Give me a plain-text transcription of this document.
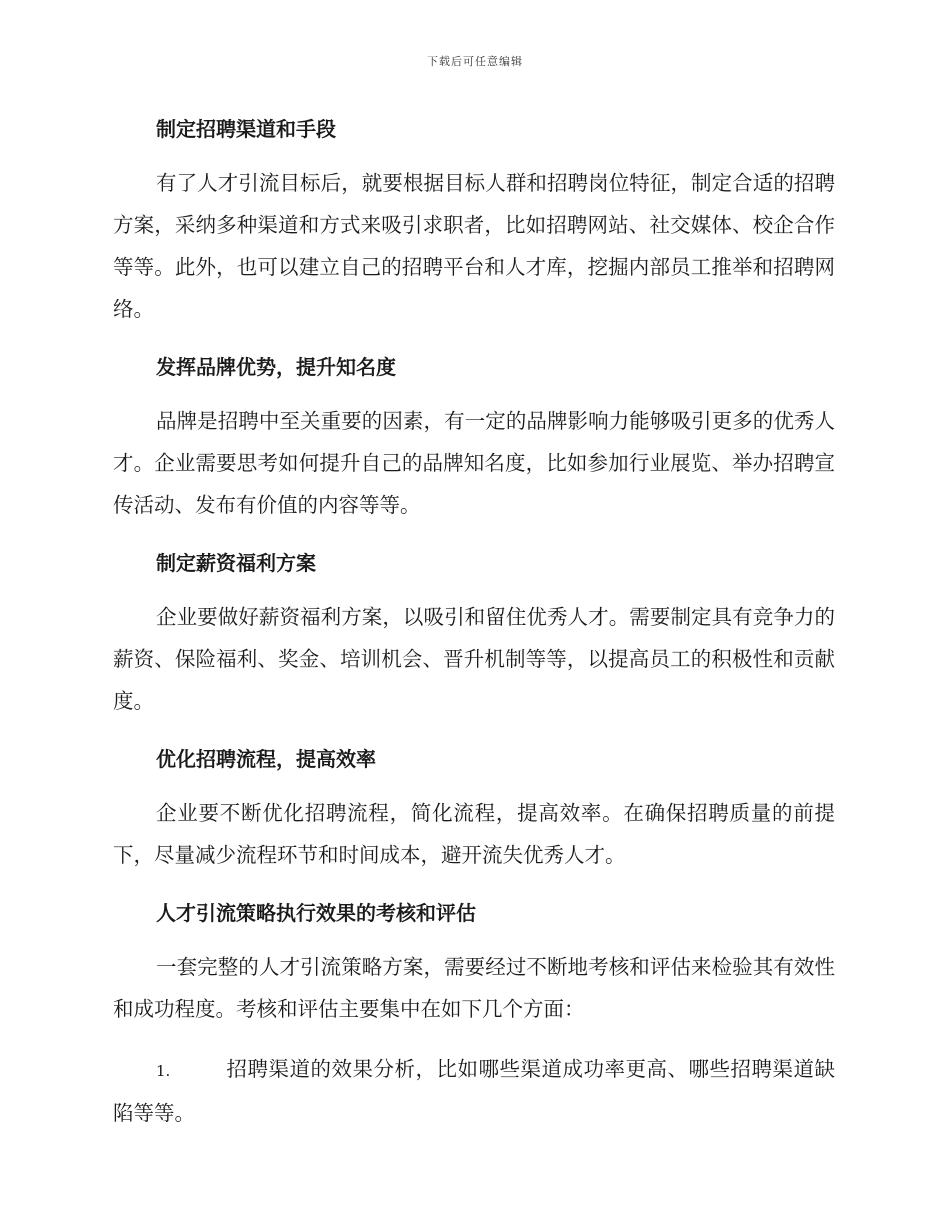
下载后可任意编辑

制定招聘渠道和手段

有了人才引流目标后，就要根据目标人群和招聘岗位特征，制定合适的招聘方案，采纳多种渠道和方式来吸引求职者，比如招聘网站、社交媒体、校企合作等等。此外，也可以建立自己的招聘平台和人才库，挖掘内部员工推举和招聘网络。

发挥品牌优势，提升知名度

品牌是招聘中至关重要的因素，有一定的品牌影响力能够吸引更多的优秀人才。企业需要思考如何提升自己的品牌知名度，比如参加行业展览、举办招聘宣传活动、发布有价值的内容等等。

制定薪资福利方案

企业要做好薪资福利方案，以吸引和留住优秀人才。需要制定具有竞争力的薪资、保险福利、奖金、培训机会、晋升机制等等，以提高员工的积极性和贡献度。

优化招聘流程，提高效率

企业要不断优化招聘流程，简化流程，提高效率。在确保招聘质量的前提下，尽量减少流程环节和时间成本，避开流失优秀人才。

人才引流策略执行效果的考核和评估

一套完整的人才引流策略方案，需要经过不断地考核和评估来检验其有效性和成功程度。考核和评估主要集中在如下几个方面：

1.	招聘渠道的效果分析，比如哪些渠道成功率更高、哪些招聘渠道缺陷等等。
